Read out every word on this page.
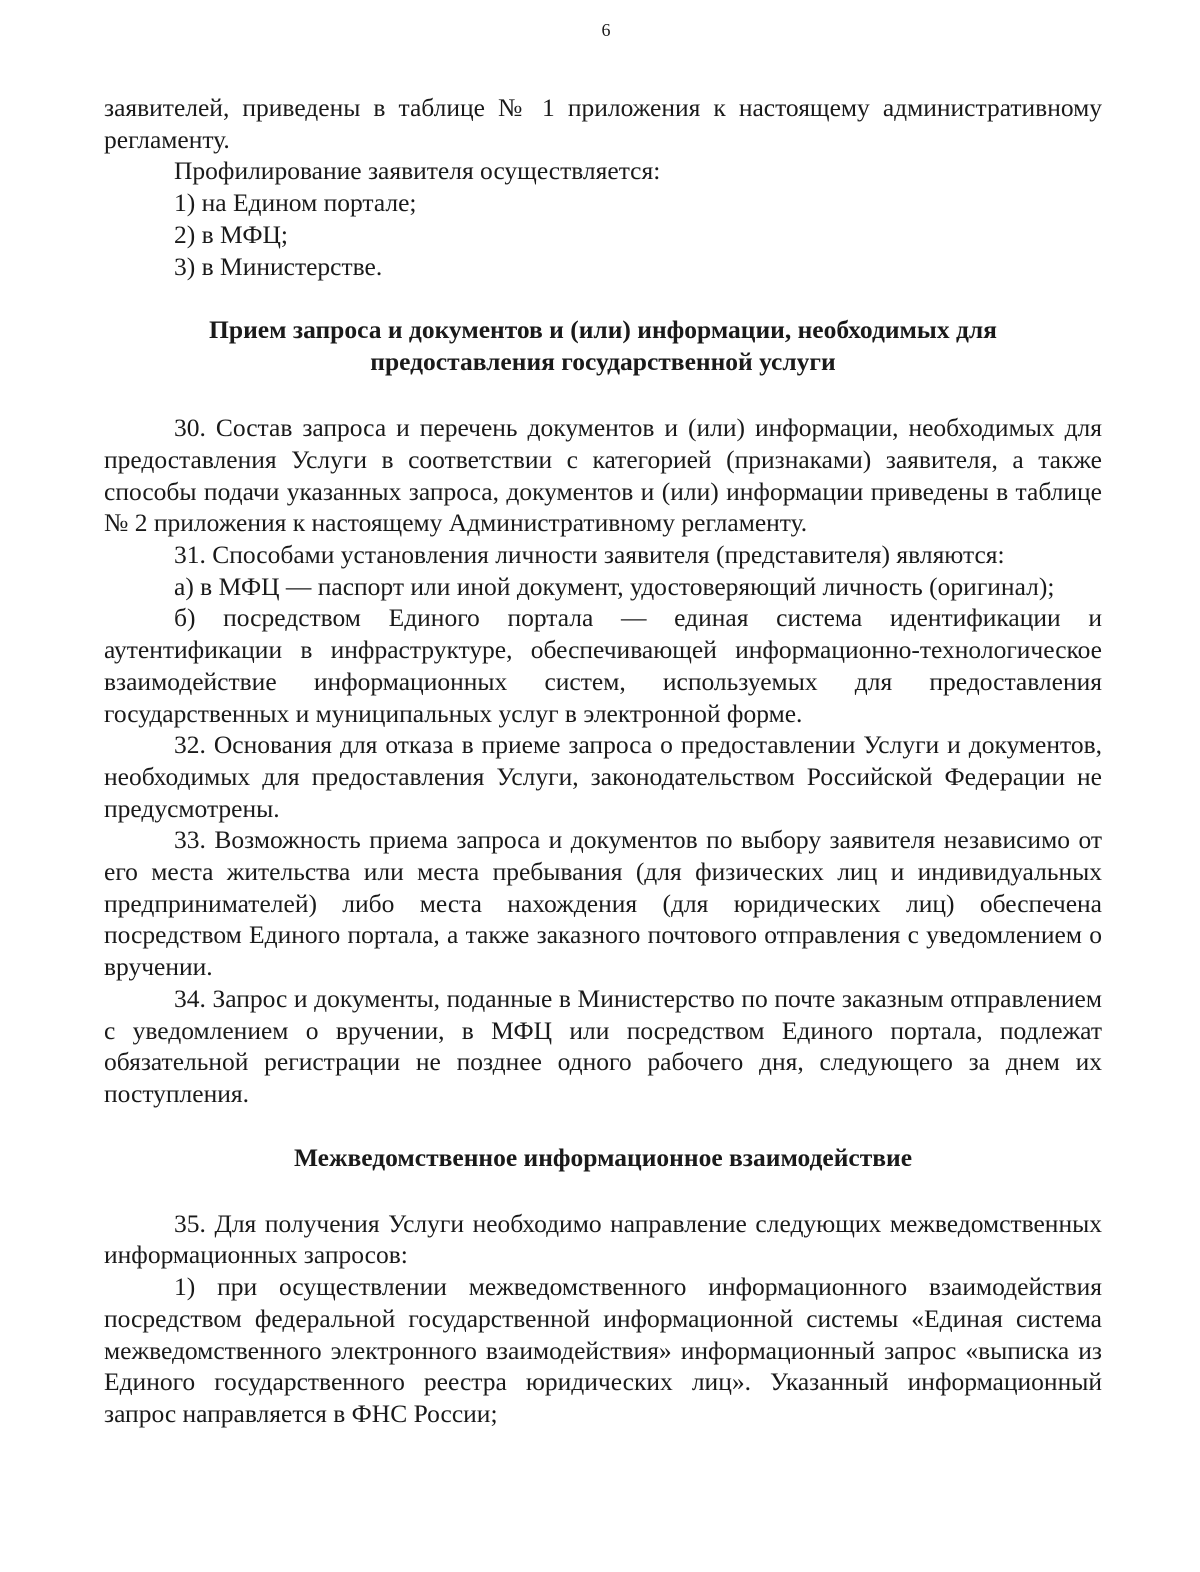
6

заявителей, приведены в таблице № 1 приложения к настоящему административному регламенту.

Профилирование заявителя осуществляется:

1) на Едином портале;

2) в МФЦ;

3) в Министерстве.

Прием запроса и документов и (или) информации, необходимых для предоставления государственной услуги

30. Состав запроса и перечень документов и (или) информации, необходимых для предоставления Услуги в соответствии с категорией (признаками) заявителя, а также способы подачи указанных запроса, документов и (или) информации приведены в таблице № 2 приложения к настоящему Административному регламенту.

31. Способами установления личности заявителя (представителя) являются:

а) в МФЦ — паспорт или иной документ, удостоверяющий личность (оригинал);

б) посредством Единого портала — единая система идентификации и аутентификации в инфраструктуре, обеспечивающей информационно-технологическое взаимодействие информационных систем, используемых для предоставления государственных и муниципальных услуг в электронной форме.

32. Основания для отказа в приеме запроса о предоставлении Услуги и документов, необходимых для предоставления Услуги, законодательством Российской Федерации не предусмотрены.

33. Возможность приема запроса и документов по выбору заявителя независимо от его места жительства или места пребывания (для физических лиц и индивидуальных предпринимателей) либо места нахождения (для юридических лиц) обеспечена посредством Единого портала, а также заказного почтового отправления с уведомлением о вручении.

34. Запрос и документы, поданные в Министерство по почте заказным отправлением с уведомлением о вручении, в МФЦ или посредством Единого портала, подлежат обязательной регистрации не позднее одного рабочего дня, следующего за днем их поступления.

Межведомственное информационное взаимодействие

35. Для получения Услуги необходимо направление следующих межведомственных информационных запросов:

1) при осуществлении межведомственного информационного взаимодействия посредством федеральной государственной информационной системы «Единая система межведомственного электронного взаимодействия» информационный запрос «выписка из Единого государственного реестра юридических лиц». Указанный информационный запрос направляется в ФНС России;
